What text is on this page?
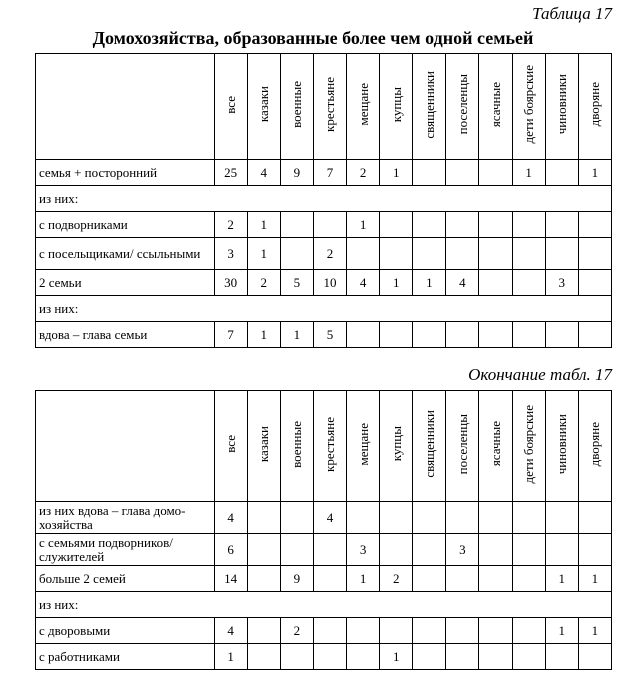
Таблица 17
Домохозяйства, образованные более чем одной семьей

	все	казаки	военные	крестьяне	мещане	купцы	священники	поселенцы	ясачные	дети боярские	чиновники	дворяне

семья + посторонний	25	4	9	7	2	1				1		1
из них:												
с подворниками	2	1			1							
с посельщиками/ ссыльными	3	1		2								
2 семьи	30	2	5	10	4	1	1	4			3	
из них:												
вдова – глава семьи	7	1	1	5								
Окончание табл. 17

	все	казаки	военные	крестьяне	мещане	купцы	священники	поселенцы	ясачные	дети боярские	чиновники	дворяне

из них вдова – глава домо-хозяйства	4			4								
с семьями подворников/ служителей	6				3			3				
больше 2 семей	14		9		1	2					1	1
из них:												
с дворовыми	4		2								1	1
с работниками	1					1						
